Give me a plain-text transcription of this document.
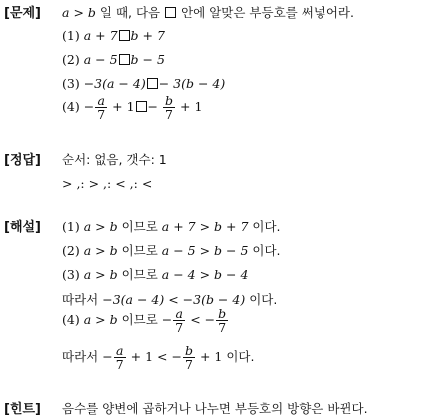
[문제] a > b 일 때, 다음 안에 알맞은 부등호를 써넣어라.
(1) a + 7 b + 7
(2) a − 5 b − 5
(3) −3(a − 4) − 3(b − 4)
$(4) - \frac{a}{7} + 1 - \frac{b}{7} + 1$
[정답] 순서: 없음, 갯수: 1
> ,: > ,: < ,: <
[해설] (1) a > b 이므로 a + 7 > b + 7 이다.
(2) a > b 이므로 a − 5 > b − 5 이다.
(3) a > b 이므로 a − 4 > b − 4
따라서 −3(a − 4) < −3(b − 4) 이다.
(4) a > b 이므로 − $\frac{a}{7}$ < − $\frac{b}{7}$
따라서 − $\frac{a}{7} + 1$ < − $\frac{b}{7} + 1$ 이다.
[힌트] 음수를 양변에 곱하거나 나누면 부등호의 방향은 바뀐다.
